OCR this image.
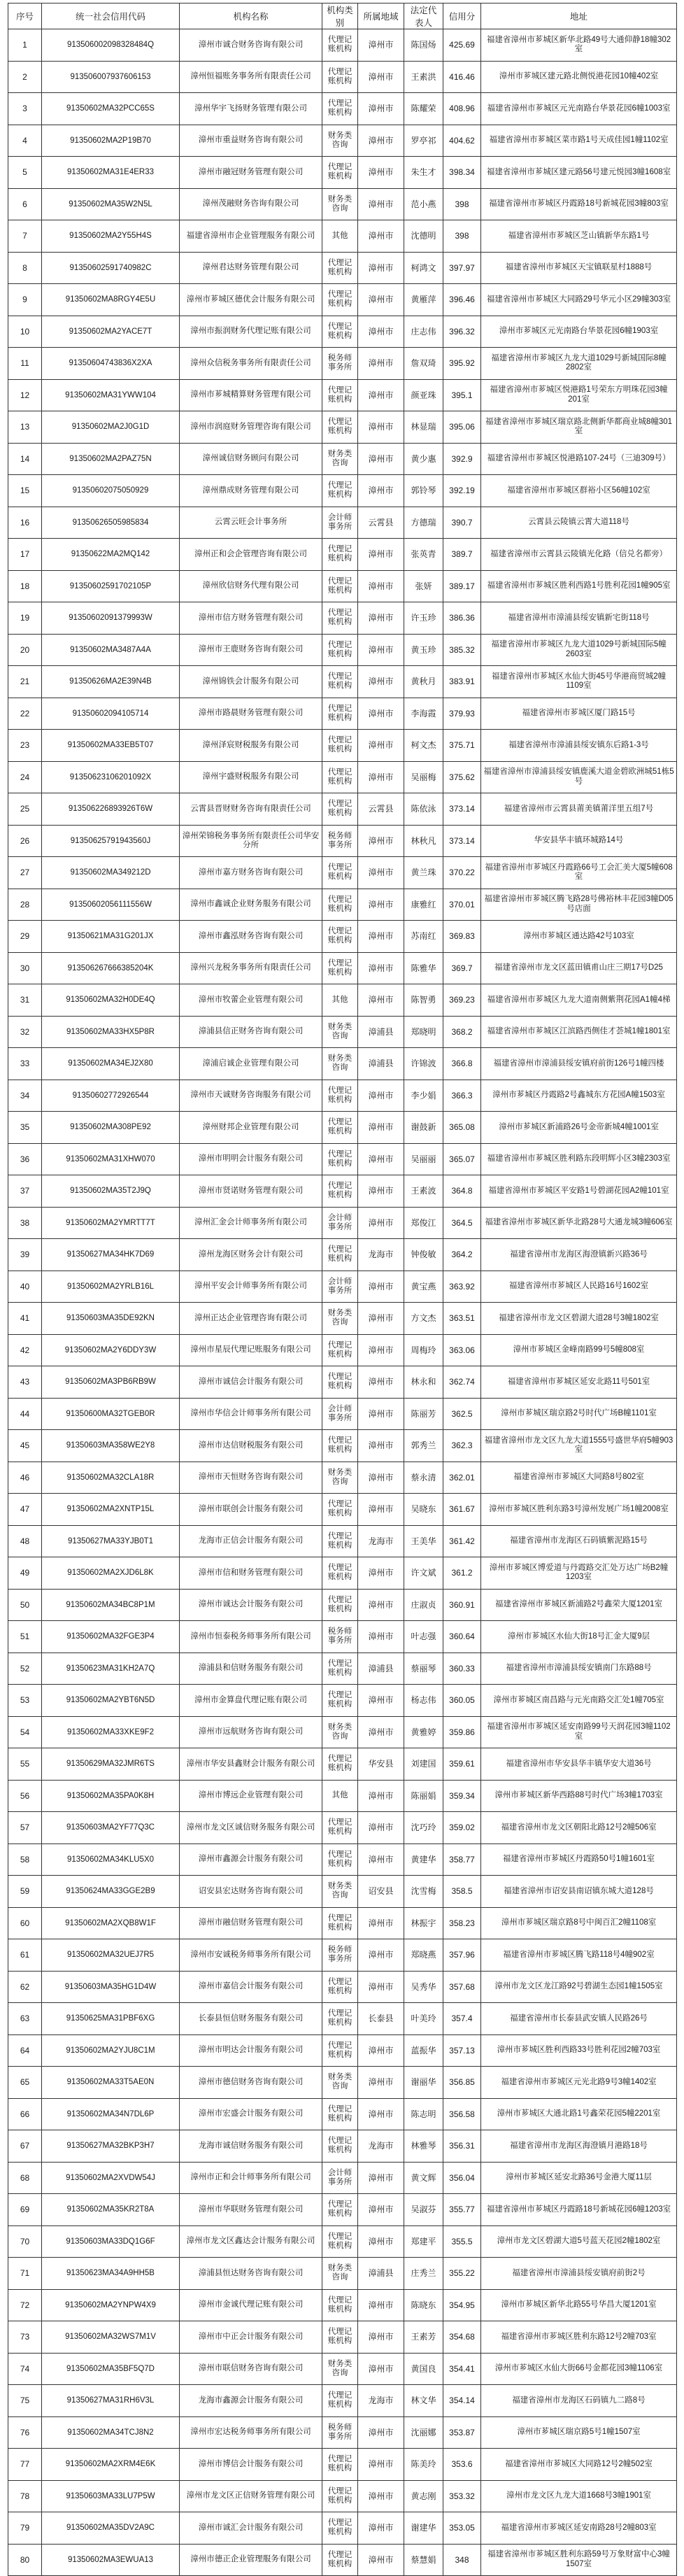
序号	统一社会信用代码	机构名称	机构类别	所属地域	法定代表人	信用分	地址
1	913506002098328484Q	漳州市诚合财务咨询有限公司	代理记账机构	漳州市	陈国炀	425.69	福建省漳州市芗城区新华北路49号大通仰静18幢302室
2	913506007937606153	漳州恒福账务事务所有限责任公司	代理记账机构	漳州市	王素洪	416.46	漳州市芗城区建元路北侧悦港花园10幢402室
3	91350602MA32PCC65S	漳州华宇飞扬财务管理有限公司	代理记账机构	漳州市	陈耀荣	408.96	福建省漳州市芗城区元光南路台华景花园6幢1003室
4	91350602MA2P19B70	漳州市重益财务咨询有限公司	财务类咨询	漳州市	罗亭祁	404.62	福建省漳州市芗城区菜市路1号天成佳园1幢1102室
5	91350602MA31E4ER33	漳州市融冠财务管理有限公司	代理记账机构	漳州市	朱生才	398.34	福建省漳州市芗城区建元路56号建元悦园3幢1608室
6	91350602MA35W2N5L	漳州茂融财务咨询有限公司	财务类咨询	漳州市	范小燕	398	福建省漳州市芗城区丹霞路18号新城花园3幢803室
7	91350602MA2Y55H4S	福建省漳州市企业管理服务有限公司	其他	漳州市	沈德明	398	福建省漳州市芗城区芝山镇新华东路1号
8	91350602591740982C	漳州君达财务管理有限公司	代理记账机构	漳州市	柯鸿文	397.97	福建省漳州市芗城区天宝镇联星村1888号
9	91350602MA8RGY4E5U	漳州市芗城区德优会计服务有限公司	代理记账机构	漳州市	黄雁萍	396.46	福建省漳州市芗城区大同路29号华元小区29幢303室
10	91350602MA2YACE7T	漳州市振润财务代理记账有限公司	代理记账机构	漳州市	庄志伟	396.32	漳州市芗城区元光南路台华景花园6幢1903室
11	91350604743836X2XA	漳州众信税务事务所有限责任公司	税务师事务所	漳州市	詹双琦	395.92	福建省漳州市芗城区九龙大道1029号新城国际8幢2802室
12	91350602MA31YWW104	漳州市芗城精算财务管理有限公司	代理记账机构	漳州市	颜亚珠	395.1	福建省漳州市芗城区悦港路1号荣东方明珠花园3幢201室
13	91350602MA2J0G1D	漳州市润庭财务管理咨询有限公司	代理记账机构	漳州市	林显瑞	395.06	福建省漳州市芗城区瑞京路北侧新华都商业城8幢301室
14	91350602MA2PAZ75N	漳州诚信财务顾问有限公司	财务类咨询	漳州市	黄少惠	392.9	福建省漳州市芗城区悦港路107-24号（三迪309号）
15	91350602075050929	漳州鼎成财务管理有限公司	代理记账机构	漳州市	郭铃琴	392.19	福建省漳州市芗城区群裕小区56幢102室
16	91350626505985834	云霄云旺会计事务所	会计师事务所	云霄县	方德瑞	390.7	云霄县云陵镇云霄大道118号
17	91350622MA2MQ142	漳州正和会企管理咨询有限公司	代理记账机构	漳州市	张英青	389.7	福建省漳州市云霄县云陵镇光化路（信兑名都旁）
18	91350602591702105P	漳州欣信财务代理有限公司	代理记账机构	漳州市	张妍	389.17	福建省漳州市芗城区胜利西路1号胜利花园1幢905室
19	91350602091379993W	漳州市信方财务管理有限公司	代理记账机构	漳州市	许玉珍	386.36	福建省漳州市漳浦县绥安镇新宅街118号
20	91350602MA3487A4A	漳州市王鹿财务咨询有限公司	代理记账机构	漳州市	黄玉珍	385.32	福建省漳州市芗城区九龙大道1029号新城国际5幢2603室
21	91350626MA2E39N4B	漳州锦铁会计服务有限公司	代理记账机构	漳州市	黄秋月	383.91	福建省漳州市芗城区水仙大街45号华港商贸城2幢1109室
22	91350602094105714	漳州市路晨财务管理有限公司	代理记账机构	漳州市	李海霞	379.93	福建省漳州市芗城区厦门路15号
23	91350602MA33EB5T07	漳州泽宸财税服务有限公司	代理记账机构	漳州市	柯文杰	375.71	福建省漳州市漳浦县绥安镇东后路1-3号
24	91350623106201092X	漳州宇盛财税服务有限公司	代理记账机构	漳州市	吴丽梅	375.62	福建省漳州市漳浦县绥安镇鹿溪大道金碧欧洲城51栋5号
25	913506226893926T6W	云霄县晋财财务咨询有限责任公司	代理记账机构	云霄县	陈依泳	373.14	福建省漳州市云霄县莆美镇莆洋里五组7号
26	91350625791943560J	漳州荣锦税务事务所有限责任公司华安分所	税务师事务所	漳州市	林秋凡	373.14	华安县华丰镇环城路14号
27	91350602MA349212D	漳州市嘉方财务咨询有限公司	代理记账机构	漳州市	黄兰珠	370.22	福建省漳州市芗城区丹霞路66号工会汇美大厦5幢608室
28	91350602056111556W	漳州市鑫诚企业财务服务有限公司	代理记账机构	漳州市	康雅红	370.01	福建省漳州市芗城区腾飞路28号佛裕林丰花园3幢D05号店面
29	91350621MA31G201JX	漳州市鑫泓财务咨询有限公司	代理记账机构	漳州市	苏南红	369.83	漳州市芗城区通达路42号103室
30	913506267666385204K	漳州兴龙税务事务所有限责任公司	代理记账机构	漳州市	陈雅华	369.7	福建省漳州市龙文区蓝田镇甫山庄三期17号D25
31	91350602MA32H0DE4Q	漳州市牧蕾企业管理有限公司	其他	漳州市	陈智勇	369.23	福建省漳州市芗城区九龙大道南侧紫荆花园A1幢4梯
32	91350602MA33HX5P8R	漳浦县信正财务咨询有限公司	财务类咨询	漳浦县	郑晓明	368.2	福建省漳州市芗城区江滨路西侧佳才荟城1幢1801室
33	91350602MA34EJ2X80	漳浦启诚企业管理有限公司	财务类咨询	漳浦县	许锦波	366.8	福建省漳州市漳浦县绥安镇府前街126号1幢四楼
34	91350602772926544	漳州市天诚财务咨询服务有限公司	代理记账机构	漳州市	李少娟	366.3	漳州市芗城区丹霞路2号鑫城东方花园A幢1503室
35	91350602MA308PE92	漳州财邦企业管理有限公司	代理记账机构	漳州市	谢鼓新	365.08	漳州市芗城区新浦路26号金帝新城4幢1001室
36	91350602MA31XHW070	漳州市明明会计服务有限公司	代理记账机构	漳州市	吴丽丽	365.07	福建省漳州市芗城区胜利路东段明辉小区3幢2303室
37	91350602MA35T2J9Q	漳州市贤诺财务管理有限公司	代理记账机构	漳州市	王素波	364.8	福建省漳州市芗城区平安路1号碧湖花园A2幢101室
38	91350602MA2YMRTT7T	漳州汇金会计师事务所有限公司	会计师事务所	漳州市	郑俊江	364.5	福建省漳州市芗城区新华北路28号大通龙城3幢606室
39	91350627MA34HK7D69	漳州龙海区财务会计有限公司	代理记账机构	龙海市	钟俊敏	364.2	福建省漳州市龙海区海澄镇新兴路36号
40	91350602MA2YRLB16L	漳州平安会计师事务所有限公司	会计师事务所	漳州市	黄宝燕	363.92	福建省漳州市芗城区人民路16号1602室
41	91350603MA35DE92KN	漳州正达企业管理咨询有限公司	财务类咨询	漳州市	方文杰	363.51	福建省漳州市龙文区碧湖大道28号3幢1802室
42	91350602MA2Y6DDY3W	漳州市星辰代理记账服务有限公司	代理记账机构	漳州市	周梅玲	363.06	漳州市芗城区金峰南路99号5幢808室
43	91350602MA3PB6RB9W	漳州市诚信会计服务有限公司	代理记账机构	漳州市	林永和	362.74	福建省漳州市芗城区延安北路11号501室
44	91350600MA32TGEB0R	漳州市华信会计师事务所有限公司	会计师事务所	漳州市	陈丽芳	362.5	漳州市芗城区瑞京路2号时代广场B幢1101室
45	91350603MA358WE2Y8	漳州市达信财税服务有限公司	代理记账机构	漳州市	郭秀兰	362.3	福建省漳州市龙文区九龙大道1555号盛世华府5幢903室
46	91350602MA32CLA18R	漳州市天恒财务咨询有限公司	财务类咨询	漳州市	蔡永清	362.01	福建省漳州市芗城区大同路8号802室
47	91350602MA2XNTP15L	漳州市联创会计服务有限公司	代理记账机构	漳州市	吴晓东	361.67	漳州市芗城区胜利东路3号漳州发展广场1幢2008室
48	91350627MA33YJB0T1	龙海市正信会计服务有限公司	代理记账机构	龙海市	王美华	361.42	福建省漳州市龙海区石码镇紫泥路15号
49	91350602MA2XJD6L8K	漳州市信和财务管理有限公司	代理记账机构	漳州市	许文斌	361.2	漳州市芗城区博爱道与丹霞路交汇处万达广场B2幢1203室
50	91350602MA34BC8P1M	漳州市诚达会计服务有限公司	代理记账机构	漳州市	庄淑贞	360.91	福建省漳州市芗城区新浦路2号鑫荣大厦1201室
51	91350602MA32FGE3P4	漳州市恒泰税务师事务所有限公司	税务师事务所	漳州市	叶志强	360.64	漳州市芗城区水仙大街18号汇金大厦9层
52	91350623MA31KH2A7Q	漳浦县和信财务服务有限公司	代理记账机构	漳浦县	蔡丽琴	360.33	福建省漳州市漳浦县绥安镇南门东路88号
53	91350602MA2YBT6N5D	漳州市金算盘代理记账有限公司	代理记账机构	漳州市	杨志伟	360.05	漳州市芗城区南昌路与元光南路交汇处1幢705室
54	91350602MA33XKE9F2	漳州市远航财务咨询有限公司	财务类咨询	漳州市	黄雅婷	359.86	福建省漳州市芗城区延安南路99号天润花园3幢1102室
55	91350629MA32JMR6TS	漳州市华安县鑫财会计服务有限公司	代理记账机构	华安县	刘建国	359.61	福建省漳州市华安县华丰镇华安大道36号
56	91350602MA35PA0K8H	漳州市博远企业管理有限公司	其他	漳州市	陈丽娟	359.34	漳州市芗城区新华西路88号时代广场3幢1703室
57	91350603MA2YF77Q3C	漳州市龙文区诚信财务服务有限公司	代理记账机构	漳州市	沈巧玲	359.02	福建省漳州市龙文区朝阳北路12号2幢506室
58	91350602MA34KLU5X0	漳州市鑫源会计服务有限公司	代理记账机构	漳州市	黄建华	358.77	福建省漳州市芗城区丹霞路50号1幢1601室
59	91350624MA33GGE2B9	诏安县宏达财务咨询有限公司	财务类咨询	诏安县	沈雪梅	358.5	福建省漳州市诏安县南诏镇东城大道128号
60	91350602MA2XQB8W1F	漳州市融信财务管理有限公司	代理记账机构	漳州市	林振宇	358.23	漳州市芗城区瑞京路8号中闽百汇2幢1108室
61	91350602MA32UEJ7R5	漳州市安诚税务师事务所有限公司	税务师事务所	漳州市	郑晓燕	357.96	福建省漳州市芗城区腾飞路118号4幢902室
62	91350603MA35HG1D4W	漳州市嘉信会计服务有限公司	代理记账机构	漳州市	吴秀华	357.68	漳州市龙文区龙江路92号碧湖生态园1幢1505室
63	91350625MA31PBF6XG	长泰县恒信财务服务有限公司	代理记账机构	长泰县	叶美玲	357.4	福建省漳州市长泰县武安镇人民路26号
64	91350602MA2YJU8C1M	漳州市明达会计服务有限公司	代理记账机构	漳州市	蓝振华	357.13	漳州市芗城区胜利西路33号胜利花园2幢703室
65	91350602MA33T5AE0N	漳州市德信财务咨询有限公司	财务类咨询	漳州市	谢丽华	356.85	福建省漳州市芗城区元光北路9号3幢1402室
66	91350602MA34N7DL6P	漳州市宏盛会计服务有限公司	代理记账机构	漳州市	陈志明	356.58	漳州市芗城区大通北路1号鑫荣花园5幢2201室
67	91350627MA32BKP3H7	龙海市诚信财务服务有限公司	代理记账机构	龙海市	林雅琴	356.31	福建省漳州市龙海区海澄镇月港路18号
68	91350602MA2XVDW54J	漳州市正和会计师事务所有限公司	会计师事务所	漳州市	黄文辉	356.04	漳州市芗城区延安北路36号金港大厦11层
69	91350602MA35KR2T8A	漳州市华联财务管理有限公司	代理记账机构	漳州市	吴淑芬	355.77	福建省漳州市芗城区丹霞路18号新城花园6幢1203室
70	91350603MA33DQ1G6F	漳州市龙文区鑫达会计服务有限公司	代理记账机构	漳州市	郑建平	355.5	漳州市龙文区碧湖大道5号蓝天花园2幢1802室
71	91350623MA34A9HH5B	漳浦县恒达财务咨询有限公司	财务类咨询	漳浦县	庄秀兰	355.22	福建省漳州市漳浦县绥安镇府前街2号
72	91350602MA2YNPW4X9	漳州市金诚代理记账有限公司	代理记账机构	漳州市	陈晓东	354.95	漳州市芗城区新华北路55号华昌大厦1201室
73	91350602MA32WS7M1V	漳州市中正会计服务有限公司	代理记账机构	漳州市	王素芳	354.68	福建省漳州市芗城区胜利东路12号2幢703室
74	91350602MA35BF5Q7D	漳州市联信财务咨询有限公司	财务类咨询	漳州市	黄国良	354.41	漳州市芗城区水仙大街66号金都花园3幢1106室
75	91350627MA31RH6V3L	龙海市鑫源会计服务有限公司	代理记账机构	龙海市	林文华	354.14	福建省漳州市龙海区石码镇九二路8号
76	91350602MA34TCJ8N2	漳州市宏达税务师事务所有限公司	税务师事务所	漳州市	沈丽娜	353.87	漳州市芗城区瑞京路5号1幢1507室
77	91350602MA2XRM4E6K	漳州市博信会计服务有限公司	代理记账机构	漳州市	陈美玲	353.6	福建省漳州市芗城区大同路12号2幢502室
78	91350603MA33LU7P5W	漳州市龙文区正信财务管理有限公司	代理记账机构	漳州市	黄志刚	353.32	漳州市龙文区九龙大道1668号3幢1901室
79	91350602MA35DV2A9C	漳州市诚汇会计服务有限公司	代理记账机构	漳州市	谢建华	353.05	福建省漳州市芗城区延安南路28号2幢803室
80	91350602MA3EWUA13	漳州市德正企业管理服务有限公司	代理记账机构	漳州市	蔡慧娟	348	福建省漳州市芗城区胜利东路59号万象财富中心3幢1507室
